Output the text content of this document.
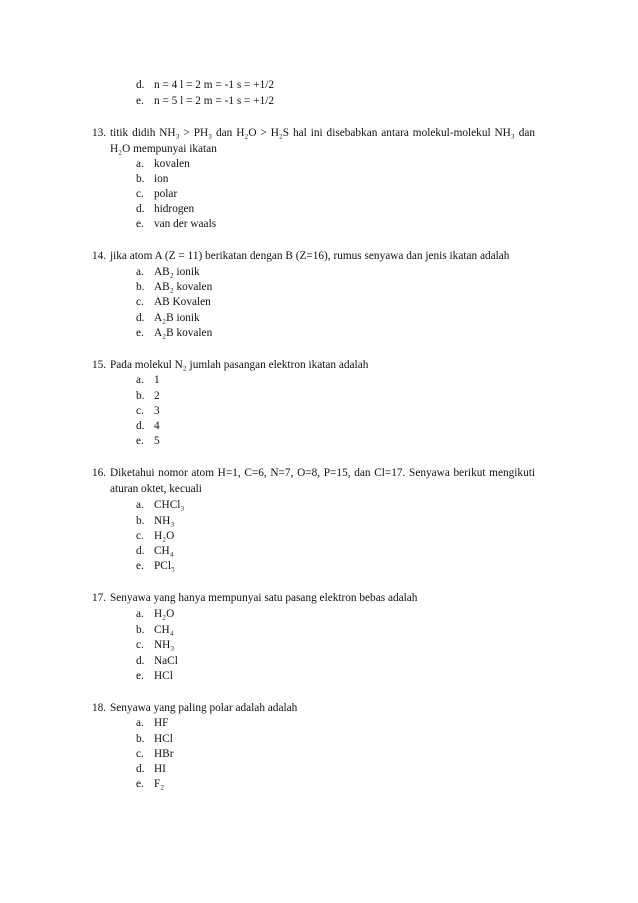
d. n = 4 l = 2 m = -1 s = +1/2
e. n = 5 l = 2 m = -1 s = +1/2
13. titik didih NH₃ > PH₃ dan H₂O > H₂S hal ini disebabkan antara molekul-molekul NH₃ dan
H₂O mempunyai ikatan
a. kovalen
b. ion
c. polar
d. hidrogen
e. van der waals
14. jika atom A (Z = 11) berikatan dengan B (Z=16), rumus senyawa dan jenis ikatan adalah
a. AB₂ ionik
b. AB₂ kovalen
c. AB Kovalen
d. A₂B ionik
e. A₂B kovalen
15. Pada molekul N₂ jumlah pasangan elektron ikatan adalah
a. 1
b. 2
c. 3
d. 4
e. 5
16. Diketahui nomor atom H=1, C=6, N=7, O=8, P=15, dan Cl=17. Senyawa berikut mengikuti
aturan oktet, kecuali
a. CHCl₃
b. NH₃
c. H₂O
d. CH₄
e. PCl₅
17. Senyawa yang hanya mempunyai satu pasang elektron bebas adalah
a. H₂O
b. CH₄
c. NH₃
d. NaCl
e. HCl
18. Senyawa yang paling polar adalah adalah
a. HF
b. HCl
c. HBr
d. HI
e. F₂
